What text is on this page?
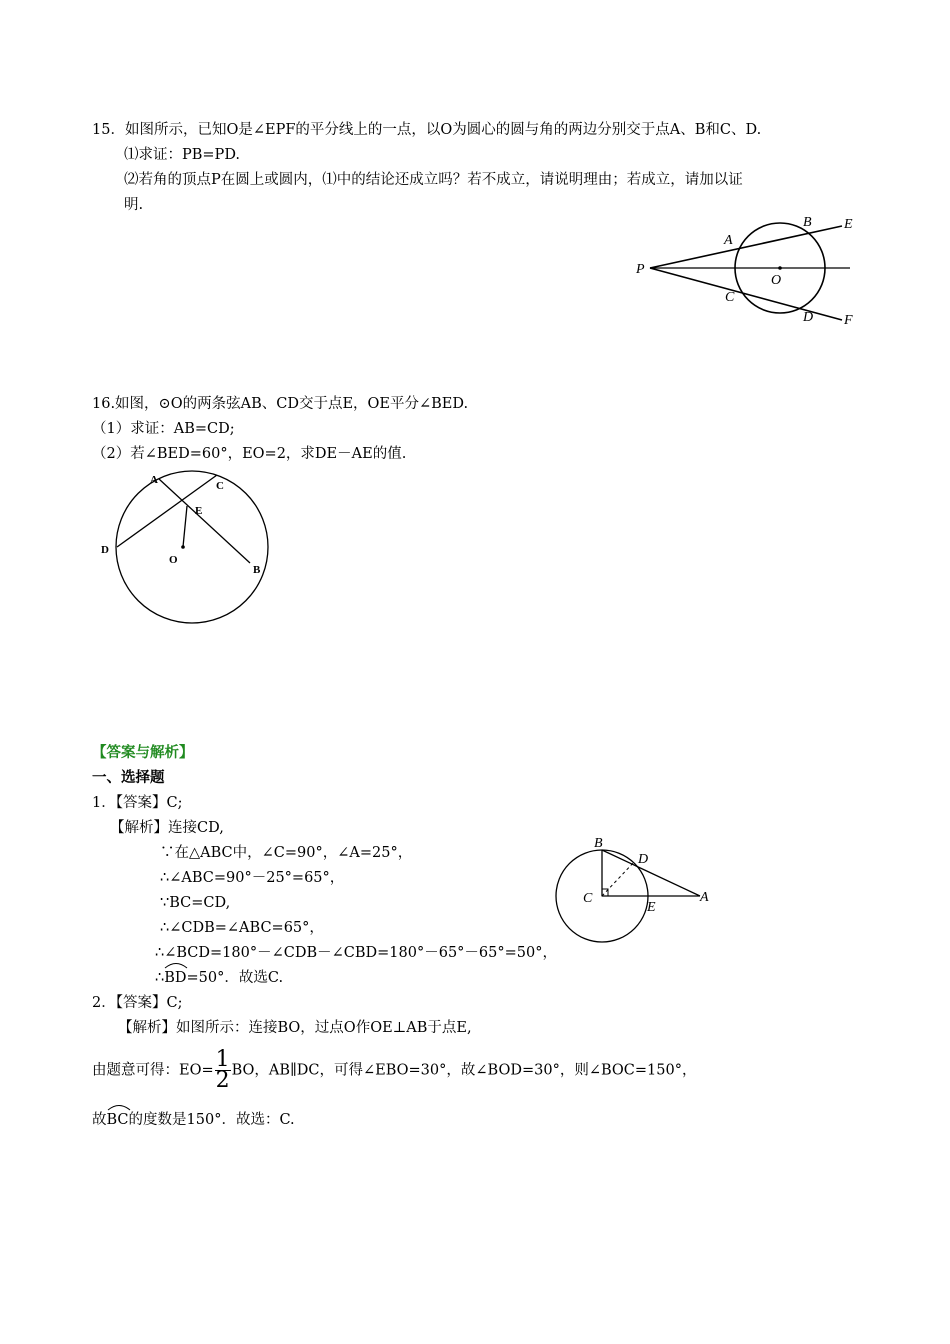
15．如图所示，已知O是∠EPF的平分线上的一点，以O为圆心的圆与角的两边分别交于点A、B和C、D.
⑴求证：PB=PD.
⑵若角的顶点P在圆上或圆内，⑴中的结论还成立吗？若不成立，请说明理由；若成立，请加以证
明.
P
A
B E
O
C
D F
16.如图，⊙O的两条弦AB、CD交于点E，OE平分∠BED.
（1）求证：AB=CD;
（2）若∠BED=60°，EO=2，求DE－AE的值.
A	C
E
D
O
B
【答案与解析】
一、选择题
1．【答案】C;
【解析】连接CD,
∵在△ABC中，∠C=90°，∠A=25°，
∴∠ABC=90°－25°=65°，
∵BC=CD,
∴∠CDB=∠ABC=65°，
∴∠BCD=180°－∠CDB－∠CBD=180°－65°－65°=50°，
∴
BD=50°．故选C.
B
D
C
E
A
2．【答案】C;
【解析】如图所示：连接BO，过点O作OE⊥AB于点E,
由题意可得：$EO= \frac{1}{2}$ BO，AB∥DC，可得∠EBO=30°，故∠BOD=30°，则∠BOC=150°，
故
BC的度数是150°．故选：C.
